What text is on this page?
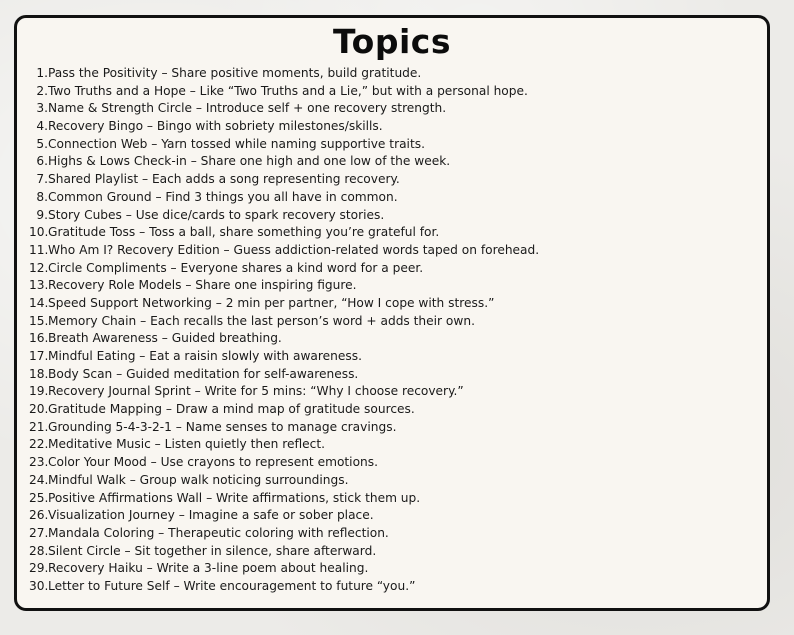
Topics
1. Pass the Positivity – Share positive moments, build gratitude.
2. Two Truths and a Hope – Like “Two Truths and a Lie,” but with a personal hope.
3. Name & Strength Circle – Introduce self + one recovery strength.
4. Recovery Bingo – Bingo with sobriety milestones/skills.
5. Connection Web – Yarn tossed while naming supportive traits.
6. Highs & Lows Check-in – Share one high and one low of the week.
7. Shared Playlist – Each adds a song representing recovery.
8. Common Ground – Find 3 things you all have in common.
9. Story Cubes – Use dice/cards to spark recovery stories.
10. Gratitude Toss – Toss a ball, share something you’re grateful for.
11. Who Am I? Recovery Edition – Guess addiction-related words taped on forehead.
12. Circle Compliments – Everyone shares a kind word for a peer.
13. Recovery Role Models – Share one inspiring figure.
14. Speed Support Networking – 2 min per partner, “How I cope with stress.”
15. Memory Chain – Each recalls the last person’s word + adds their own.
16. Breath Awareness – Guided breathing.
17. Mindful Eating – Eat a raisin slowly with awareness.
18. Body Scan – Guided meditation for self-awareness.
19. Recovery Journal Sprint – Write for 5 mins: “Why I choose recovery.”
20. Gratitude Mapping – Draw a mind map of gratitude sources.
21. Grounding 5-4-3-2-1 – Name senses to manage cravings.
22. Meditative Music – Listen quietly then reflect.
23. Color Your Mood – Use crayons to represent emotions.
24. Mindful Walk – Group walk noticing surroundings.
25. Positive Affirmations Wall – Write affirmations, stick them up.
26. Visualization Journey – Imagine a safe or sober place.
27. Mandala Coloring – Therapeutic coloring with reflection.
28. Silent Circle – Sit together in silence, share afterward.
29. Recovery Haiku – Write a 3-line poem about healing.
30. Letter to Future Self – Write encouragement to future “you.”
